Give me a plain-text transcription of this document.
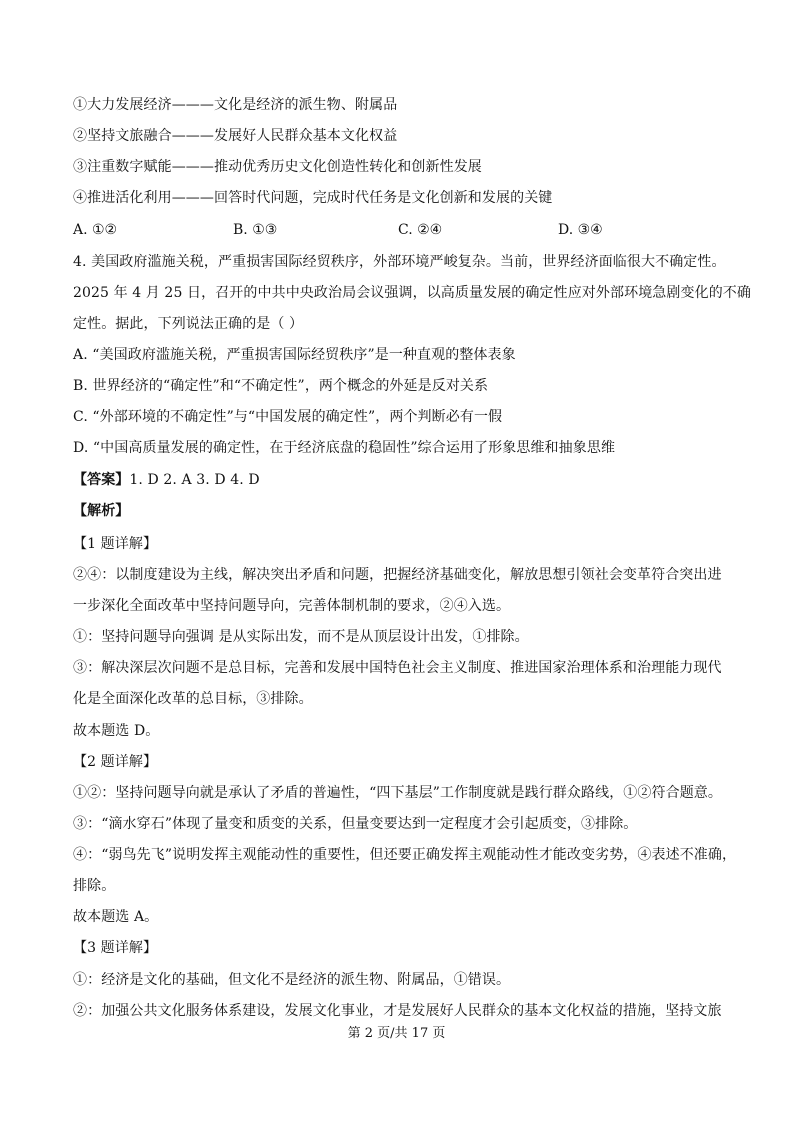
①大力发展经济———文化是经济的派生物、附属品
②坚持文旅融合———发展好人民群众基本文化权益
③注重数字赋能———推动优秀历史文化创造性转化和创新性发展
④推进活化利用———回答时代问题，完成时代任务是文化创新和发展的关键
A. ①②	B. ①③	C. ②④	D. ③④
4. 美国政府滥施关税，严重损害国际经贸秩序，外部环境严峻复杂。当前，世界经济面临很大不确定性。
2025 年 4 月 25 日，召开的中共中央政治局会议强调，以高质量发展的确定性应对外部环境急剧变化的不确
定性。据此，下列说法正确的是（ ）
A. “美国政府滥施关税，严重损害国际经贸秩序”是一种直观的整体表象
B. 世界经济的“确定性”和“不确定性”，两个概念的外延是反对关系
C. “外部环境的不确定性”与“中国发展的确定性”，两个判断必有一假
D. “中国高质量发展的确定性，在于经济底盘的稳固性”综合运用了形象思维和抽象思维
【答案】1. D 2. A 3. D 4. D
【解析】
【1 题详解】
②④：以制度建设为主线，解决突出矛盾和问题，把握经济基础变化，解放思想引领社会变革符合突出进
一步深化全面改革中坚持问题导向，完善体制机制的要求，②④入选。
①：坚持问题导向强调 是从实际出发，而不是从顶层设计出发，①排除。
③：解决深层次问题不是总目标，完善和发展中国特色社会主义制度、推进国家治理体系和治理能力现代
化是全面深化改革的总目标，③排除。
故本题选 D。
【2 题详解】
①②：坚持问题导向就是承认了矛盾的普遍性，“四下基层”工作制度就是践行群众路线，①②符合题意。
③：“滴水穿石”体现了量变和质变的关系，但量变要达到一定程度才会引起质变，③排除。
④：“弱鸟先飞”说明发挥主观能动性的重要性，但还要正确发挥主观能动性才能改变劣势，④表述不准确，
排除。
故本题选 A。
【3 题详解】
①：经济是文化的基础，但文化不是经济的派生物、附属品，①错误。
②：加强公共文化服务体系建设，发展文化事业，才是发展好人民群众的基本文化权益的措施，坚持文旅
第 2 页/共 17 页
